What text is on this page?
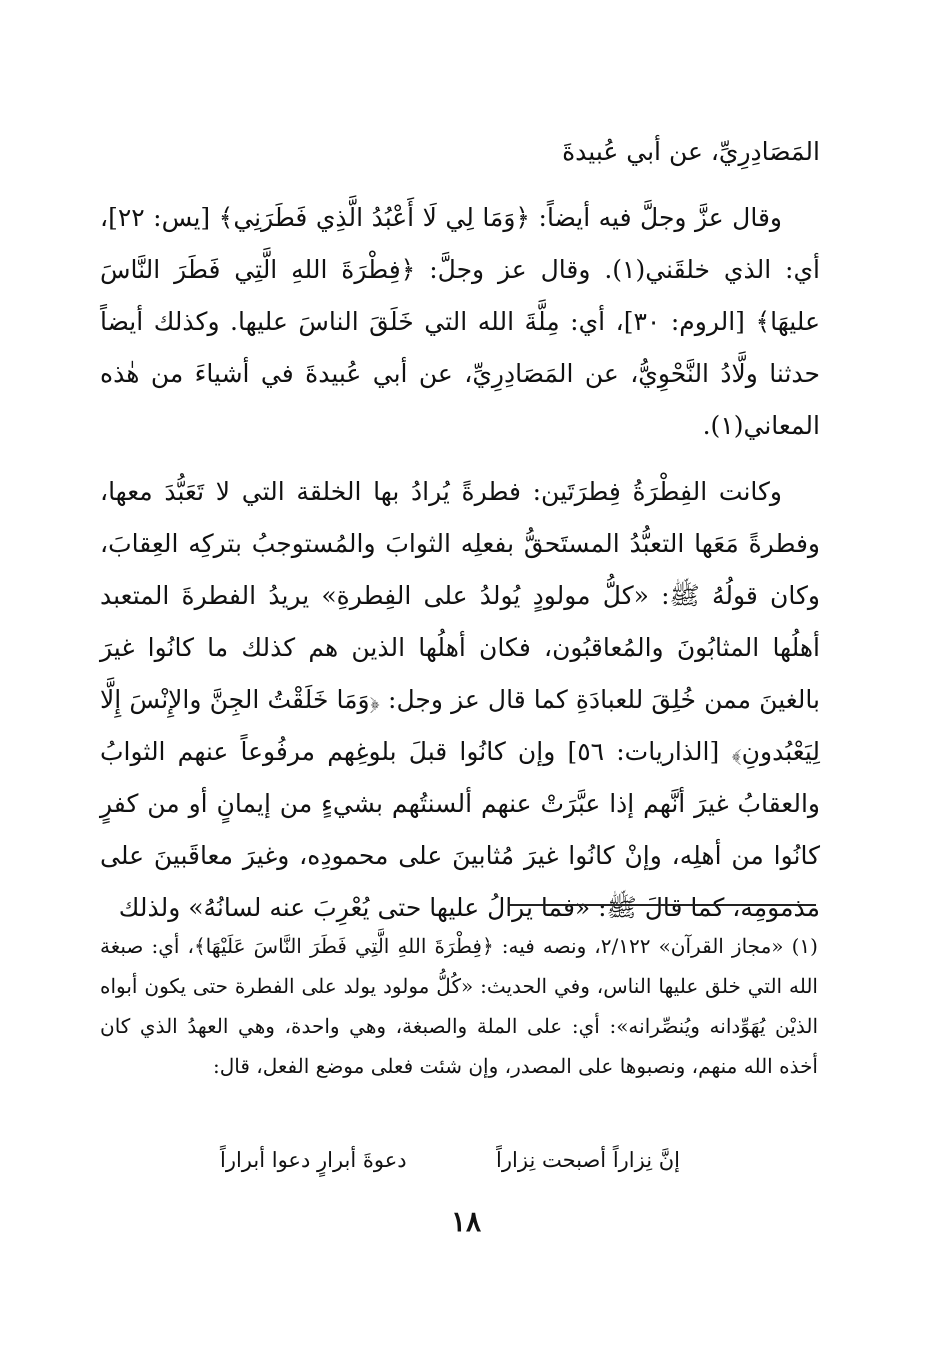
المَصَادِرِيِّ، عن أبي عُبيدةَ

وقال عزَّ وجلَّ فيه أيضاً: ﴿وَمَا لِي لَا أَعْبُدُ الَّذِي فَطَرَنِي﴾ [يس: ٢٢]، أي: الذي خلقَني(١). وقال عز وجلَّ: ﴿فِطْرَةَ اللهِ الَّتِي فَطَرَ النَّاسَ عليهَا﴾ [الروم: ٣٠]، أي: مِلَّةَ الله التي خَلَقَ الناسَ عليها. وكذلك أيضاً حدثنا ولَّادُ النَّحْوِيُّ، عن المَصَادِرِيِّ، عن أبي عُبيدةَ في أشياءَ من هٰذه المعاني(١).

وكانت الفِطْرَةُ فِطرَتَين: فطرةً يُرادُ بها الخلقة التي لا تَعَبُّدَ معها، وفطرةً مَعَها التعبُّدُ المستَحقُّ بفعلِه الثوابَ والمُستوجبُ بتركِه العِقابَ، وكان قولُهُ ﷺ: «كلُّ مولودٍ يُولدُ على الفِطرةِ» يريدُ الفطرةَ المتعبد أهلُها المثابُونَ والمُعاقبُون، فكان أهلُها الذين هم كذلك ما كانُوا غيرَ بالغينَ ممن خُلِقَ للعبادَةِ كما قال عز وجل: ﴿وَمَا خَلَقْتُ الجِنَّ والإِنْسَ إِلَّا لِيَعْبُدونِ﴾ [الذاريات: ٥٦] وإن كانُوا قبلَ بلوغِهم مرفُوعاً عنهم الثوابُ والعقابُ غيرَ أنَّهم إذا عبَّرَتْ عنهم ألسنتُهم بشيءٍ من إيمانٍ أو من كفرٍ كانُوا من أهلِه، وإنْ كانُوا غيرَ مُثابينَ على محمودِه، وغيرَ معاقَبينَ على مذمومِه، كما قالَ ﷺ: «فما يزالُ عليها حتى يُعْرِبَ عنه لسانُهُ» ولذلك

(١) «مجاز القرآن» ٢/١٢٢، ونصه فيه: ﴿فِطْرَةَ اللهِ الَّتِي فَطَرَ النَّاسَ عَلَيْهَا﴾، أي: صبغة الله التي خلق عليها الناس، وفي الحديث: «كُلُّ مولود يولد على الفطرة حتى يكون أبواه الذيْن يُهَوِّدانه ويُنصِّرانه»: أي: على الملة والصبغة، وهي واحدة، وهي العهدُ الذي كان أخذه الله منهم، ونصبوها على المصدر، وإن شئت فعلى موضع الفعل، قال:

إنَّ نِزاراً أصبحت نِزاراً
دعوةَ أبرارٍ دعوا أبراراً
١٨
